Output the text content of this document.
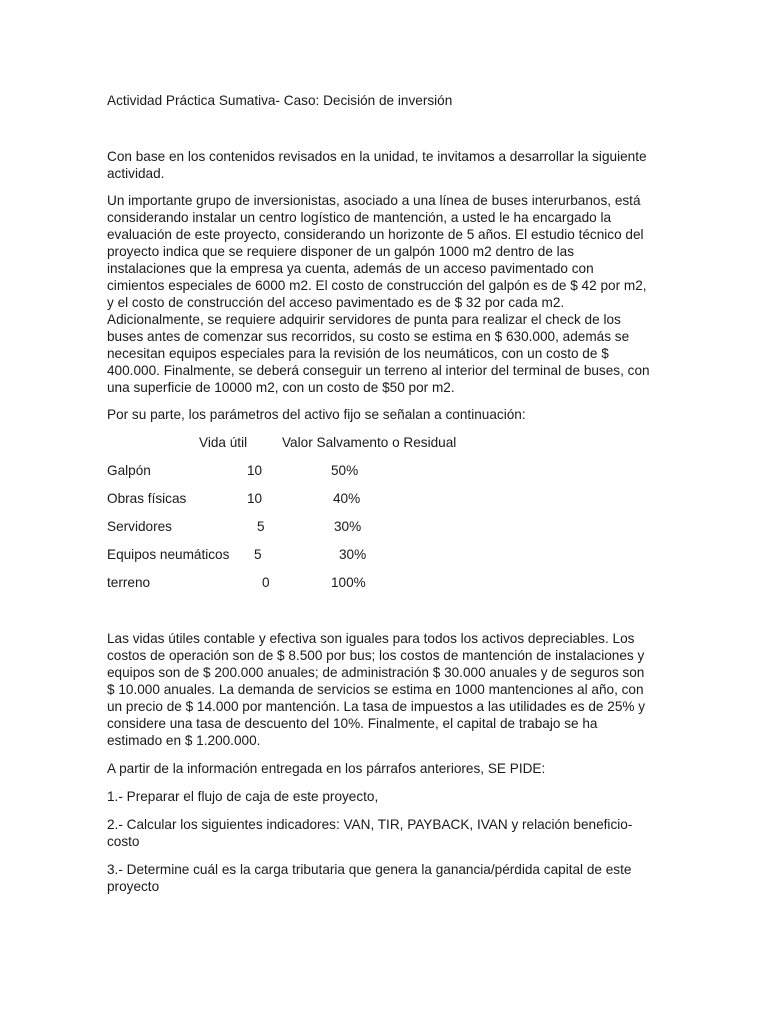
Actividad Práctica Sumativa- Caso: Decisión de inversión

Con base en los contenidos revisados en la unidad, te invitamos a desarrollar la siguiente actividad.

Un importante grupo de inversionistas, asociado a una línea de buses interurbanos, está
considerando instalar un centro logístico de mantención, a usted le ha encargado la
evaluación de este proyecto, considerando un horizonte de 5 años. El estudio técnico del
proyecto indica que se requiere disponer de un galpón 1000 m2 dentro de las
instalaciones que la empresa ya cuenta, además de un acceso pavimentado con
cimientos especiales de 6000 m2. El costo de construcción del galpón es de $ 42 por m2,
y el costo de construcción del acceso pavimentado es de $ 32 por cada m2.
Adicionalmente, se requiere adquirir servidores de punta para realizar el check de los
buses antes de comenzar sus recorridos, su costo se estima en $ 630.000, además se
necesitan equipos especiales para la revisión de los neumáticos, con un costo de $
400.000. Finalmente, se deberá conseguir un terreno al interior del terminal de buses, con
una superficie de 10000 m2, con un costo de $50 por m2.

Por su parte, los parámetros del activo fijo se señalan a continuación:

Vida útil	Valor Salvamento o Residual
Galpón	10	50%
Obras físicas	10	40%
Servidores	5	30%
Equipos neumáticos 5	30%
terreno	0	100%

Las vidas útiles contable y efectiva son iguales para todos los activos depreciables. Los
costos de operación son de $ 8.500 por bus; los costos de mantención de instalaciones y
equipos son de $ 200.000 anuales; de administración $ 30.000 anuales y de seguros son
$ 10.000 anuales. La demanda de servicios se estima en 1000 mantenciones al año, con
un precio de $ 14.000 por mantención. La tasa de impuestos a las utilidades es de 25% y
considere una tasa de descuento del 10%. Finalmente, el capital de trabajo se ha
estimado en $ 1.200.000.

A partir de la información entregada en los párrafos anteriores, SE PIDE:

1.- Preparar el flujo de caja de este proyecto,

2.- Calcular los siguientes indicadores: VAN, TIR, PAYBACK, IVAN y relación beneficio-
costo

3.- Determine cuál es la carga tributaria que genera la ganancia/pérdida capital de este
proyecto
